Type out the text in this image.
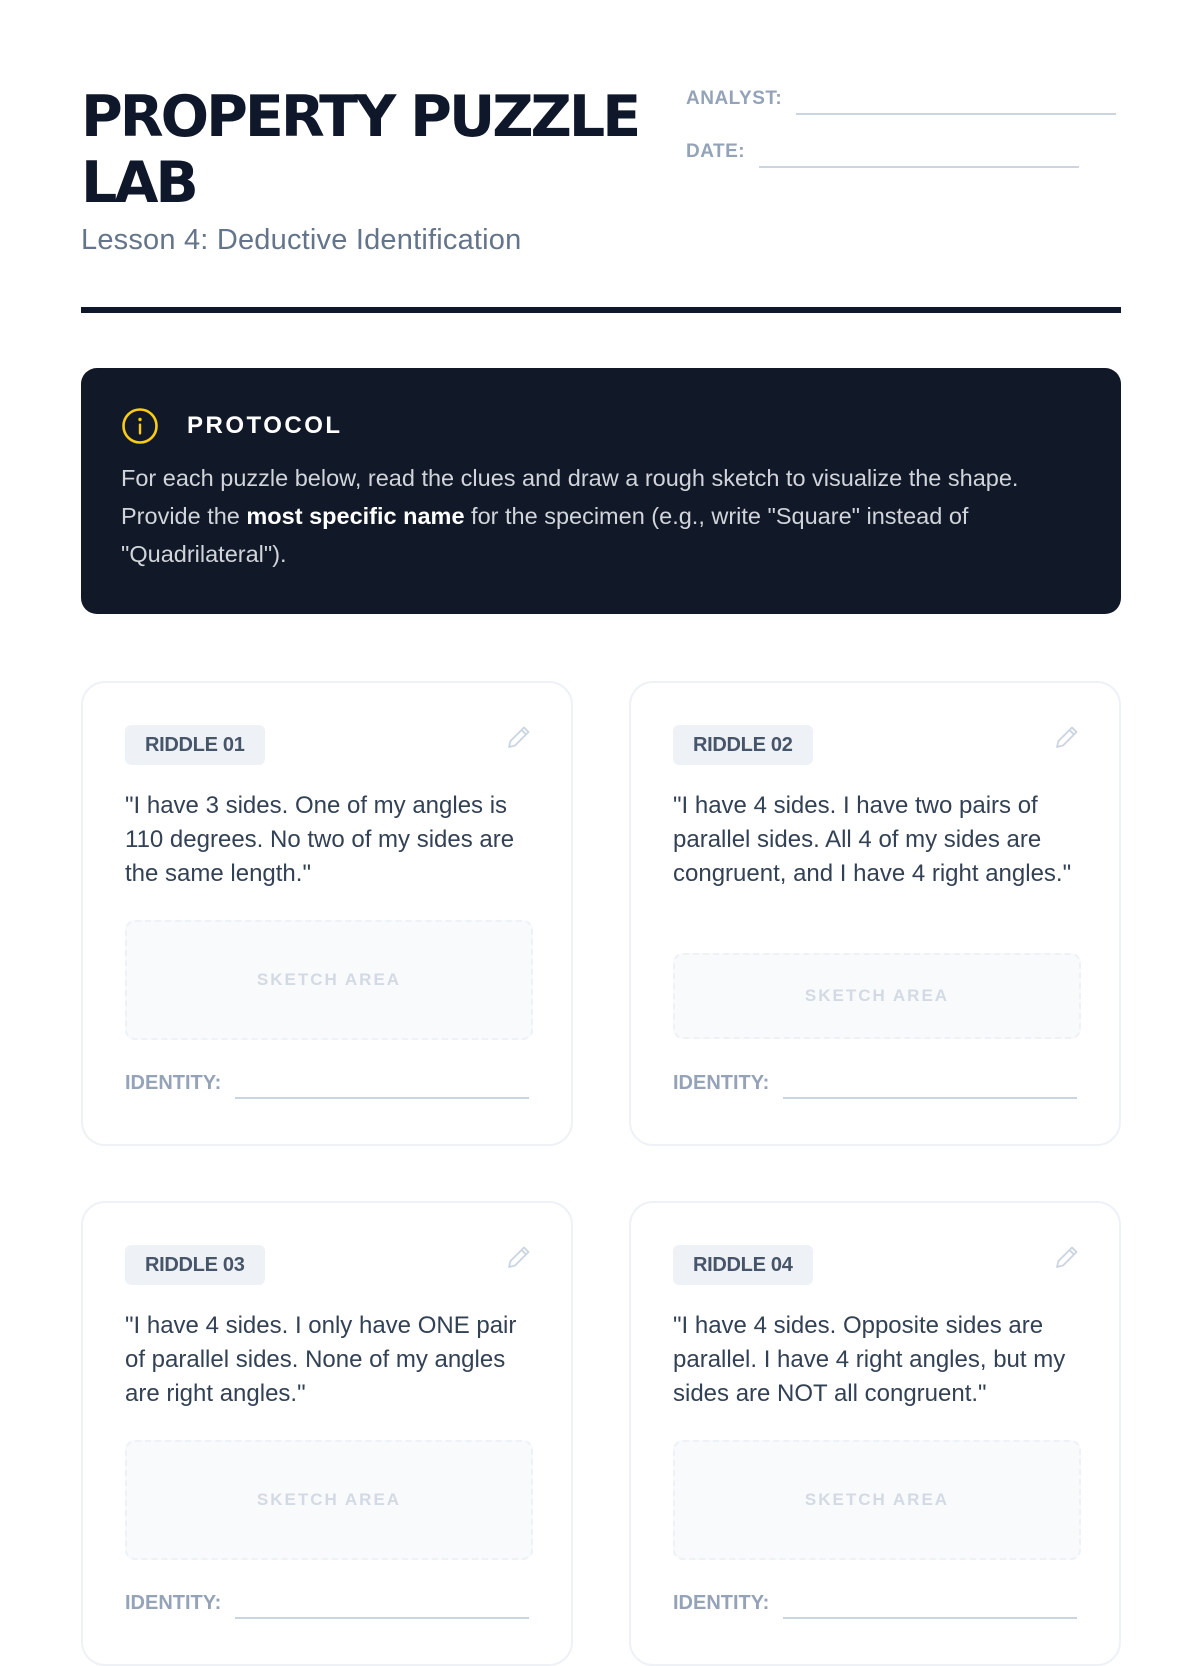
PROPERTY PUZZLE LAB
Lesson 4: Deductive Identification
ANALYST:
DATE:
PROTOCOL

For each puzzle below, read the clues and draw a rough sketch to visualize the shape. Provide the most specific name for the specimen (e.g., write "Square" instead of "Quadrilateral").

RIDDLE 01

"I have 3 sides. One of my angles is 110 degrees. No two of my sides are the same length."

SKETCH AREA
IDENTITY:
RIDDLE 02

"I have 4 sides. I have two pairs of parallel sides. All 4 of my sides are congruent, and I have 4 right angles."

SKETCH AREA
IDENTITY:
RIDDLE 03

"I have 4 sides. I only have ONE pair of parallel sides. None of my angles are right angles."

SKETCH AREA
IDENTITY:
RIDDLE 04

"I have 4 sides. Opposite sides are parallel. I have 4 right angles, but my sides are NOT all congruent."

SKETCH AREA
IDENTITY:
